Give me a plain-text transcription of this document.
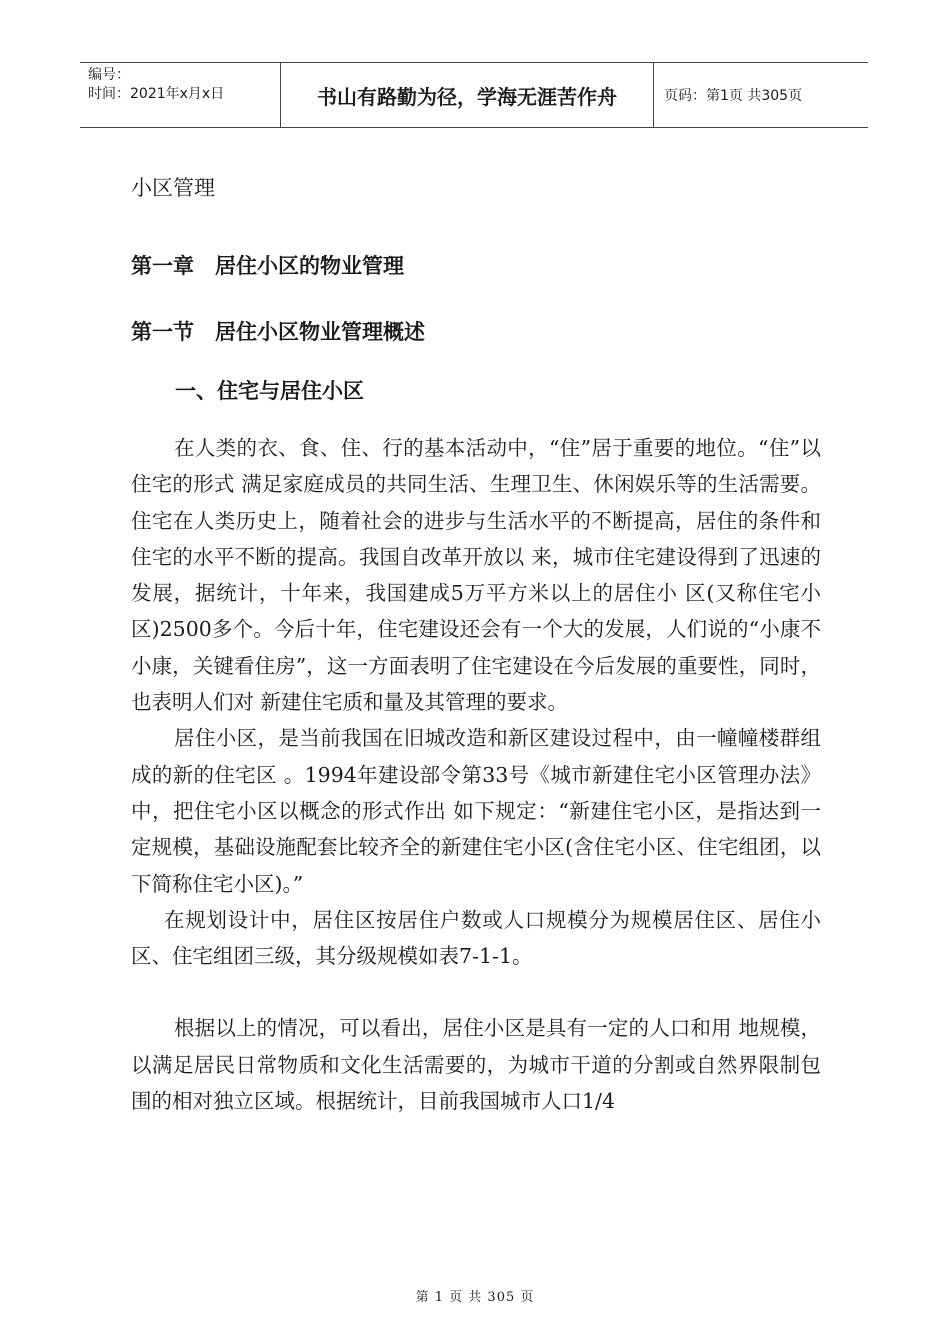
编号：
时间：2021年x月x日	书山有路勤为径，学海无涯苦作舟	页码：第1页 共305页
小区管理
第一章　居住小区的物业管理
第一节　居住小区物业管理概述
一、住宅与居住小区

在人类的衣、食、住、行的基本活动中，“住”居于重要的地位。“住”以住宅的形式 满足家庭成员的共同生活、生理卫生、休闲娱乐等的生活需要。住宅在人类历史上，随着社会的进步与生活水平的不断提高，居住的条件和住宅的水平不断的提高。我国自改革开放以 来，城市住宅建设得到了迅速的发展，据统计，十年来，我国建成5万平方米以上的居住小 区(又称住宅小区)2500多个。今后十年，住宅建设还会有一个大的发展，人们说的“小康不小康，关键看住房”，这一方面表明了住宅建设在今后发展的重要性，同时，也表明人们对 新建住宅质和量及其管理的要求。

居住小区，是当前我国在旧城改造和新区建设过程中，由一幢幢楼群组成的新的住宅区 。1994年建设部令第33号《城市新建住宅小区管理办法》中，把住宅小区以概念的形式作出 如下规定：“新建住宅小区，是指达到一定规模，基础设施配套比较齐全的新建住宅小区(含住宅小区、住宅组团，以下简称住宅小区)。”

在规划设计中，居住区按居住户数或人口规模分为规模居住区、居住小区、住宅组团三级，其分级规模如表7-1-1。

根据以上的情况，可以看出，居住小区是具有一定的人口和用 地规模，以满足居民日常物质和文化生活需要的，为城市干道的分割或自然界限制包围的相对独立区域。根据统计，目前我国城市人口1/4

第 1 页 共 305 页
